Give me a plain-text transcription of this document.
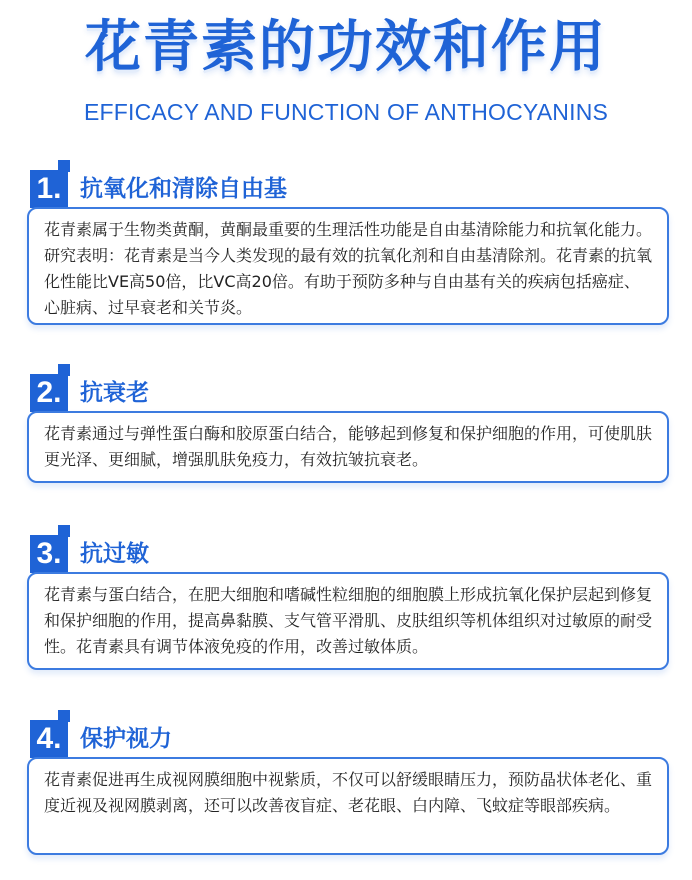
花青素的功效和作用
EFFICACY AND FUNCTION OF ANTHOCYANINS
1. 抗氧化和清除自由基
花青素属于生物类黄酮，黄酮最重要的生理活性功能是自由基清除能力和抗氧化能力。研究表明：花青素是当今人类发现的最有效的抗氧化剂和自由基清除剂。花青素的抗氧化性能比VE高50倍，比VC高20倍。有助于预防多种与自由基有关的疾病包括癌症、心脏病、过早衰老和关节炎。
2. 抗衰老
花青素通过与弹性蛋白酶和胶原蛋白结合，能够起到修复和保护细胞的作用，可使肌肤更光泽、更细腻，增强肌肤免疫力，有效抗皱抗衰老。
3. 抗过敏
花青素与蛋白结合，在肥大细胞和嗜碱性粒细胞的细胞膜上形成抗氧化保护层起到修复和保护细胞的作用，提高鼻黏膜、支气管平滑肌、皮肤组织等机体组织对过敏原的耐受性。花青素具有调节体液免疫的作用，改善过敏体质。
4. 保护视力
花青素促进再生成视网膜细胞中视紫质，不仅可以舒缓眼睛压力，预防晶状体老化、重度近视及视网膜剥离，还可以改善夜盲症、老花眼、白内障、飞蚊症等眼部疾病。
